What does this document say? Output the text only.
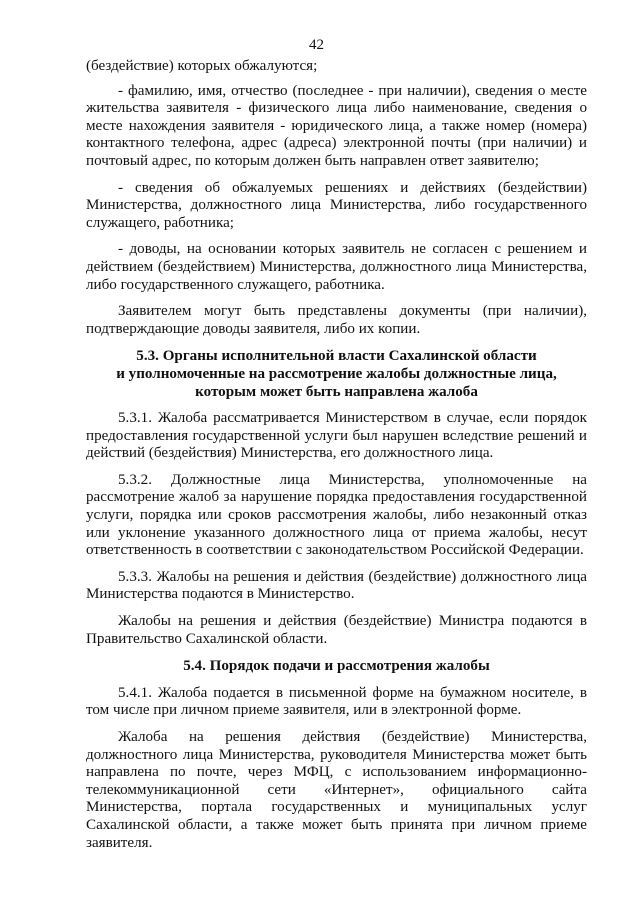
42

(бездействие) которых обжалуются;

- фамилию, имя, отчество (последнее - при наличии), сведения о месте жительства заявителя - физического лица либо наименование, сведения о месте нахождения заявителя - юридического лица, а также номер (номера) контактного телефона, адрес (адреса) электронной почты (при наличии) и почтовый адрес, по которым должен быть направлен ответ заявителю;

- сведения об обжалуемых решениях и действиях (бездействии) Министерства, должностного лица Министерства, либо государственного служащего, работника;

- доводы, на основании которых заявитель не согласен с решением и действием (бездействием) Министерства, должностного лица Министерства, либо государственного служащего, работника.

Заявителем могут быть представлены документы (при наличии), подтверждающие доводы заявителя, либо их копии.

5.3. Органы исполнительной власти Сахалинской области
и уполномоченные на рассмотрение жалобы должностные лица,
которым может быть направлена жалоба

5.3.1. Жалоба рассматривается Министерством в случае, если порядок предоставления государственной услуги был нарушен вследствие решений и действий (бездействия) Министерства, его должностного лица.

5.3.2. Должностные лица Министерства, уполномоченные на рассмотрение жалоб за нарушение порядка предоставления государственной услуги, порядка или сроков рассмотрения жалобы, либо незаконный отказ или уклонение указанного должностного лица от приема жалобы, несут ответственность в соответствии с законодательством Российской Федерации.

5.3.3. Жалобы на решения и действия (бездействие) должностного лица Министерства подаются в Министерство.

Жалобы на решения и действия (бездействие) Министра подаются в Правительство Сахалинской области.

5.4. Порядок подачи и рассмотрения жалобы

5.4.1. Жалоба подается в письменной форме на бумажном носителе, в том числе при личном приеме заявителя, или в электронной форме.

Жалоба на решения действия (бездействие) Министерства, должностного лица Министерства, руководителя Министерства может быть направлена по почте, через МФЦ, с использованием информационно-телекоммуникационной сети «Интернет», официального сайта Министерства, портала государственных и муниципальных услуг Сахалинской области, а также может быть принята при личном приеме заявителя.
